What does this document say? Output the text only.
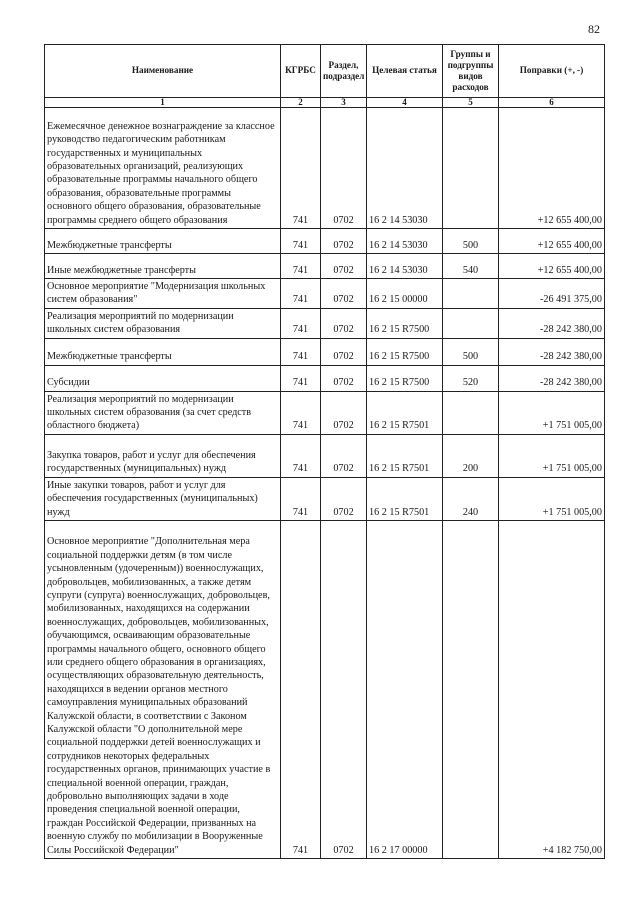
82
Наименование	КГРБС	Раздел, подраздел	Целевая статья	Группы и подгруппы видов расходов	Поправки (+, -)
1	2	3	4	5	6
Ежемесячное денежное вознаграждение за классное руководство педагогическим работникам государственных и муниципальных образовательных организаций, реализующих образовательные программы начального общего образования, образовательные программы основного общего образования, образовательные программы среднего общего образования	741	0702	16 2 14 53030		+12 655 400,00
Межбюджетные трансферты	741	0702	16 2 14 53030	500	+12 655 400,00
Иные межбюджетные трансферты	741	0702	16 2 14 53030	540	+12 655 400,00
Основное мероприятие "Модернизация школьных систем образования"	741	0702	16 2 15 00000		-26 491 375,00
Реализация мероприятий по модернизации школьных систем образования	741	0702	16 2 15 R7500		-28 242 380,00
Межбюджетные трансферты	741	0702	16 2 15 R7500	500	-28 242 380,00
Субсидии	741	0702	16 2 15 R7500	520	-28 242 380,00
Реализация мероприятий по модернизации школьных систем образования (за счет средств областного бюджета)	741	0702	16 2 15 R7501		+1 751 005,00
Закупка товаров, работ и услуг для обеспечения государственных (муниципальных) нужд	741	0702	16 2 15 R7501	200	+1 751 005,00
Иные закупки товаров, работ и услуг для обеспечения государственных (муниципальных) нужд	741	0702	16 2 15 R7501	240	+1 751 005,00
Основное мероприятие "Дополнительная мера социальной поддержки детям (в том числе усыновленным (удочеренным)) военнослужащих, добровольцев, мобилизованных, а также детям супруги (супруга) военнослужащих, добровольцев, мобилизованных, находящихся на содержании военнослужащих, добровольцев, мобилизованных, обучающимся, осваивающим образовательные программы начального общего, основного общего или среднего общего образования в организациях, осуществляющих образовательную деятельность, находящихся в ведении органов местного самоуправления муниципальных образований Калужской области, в соответствии с Законом Калужской области "О дополнительной мере социальной поддержки детей военнослужащих и сотрудников некоторых федеральных государственных органов, принимающих участие в специальной военной операции, граждан, добровольно выполняющих задачи в ходе проведения специальной военной операции, граждан Российской Федерации, призванных на военную службу по мобилизации в Вооруженные Силы Российской Федерации"	741	0702	16 2 17 00000		+4 182 750,00
